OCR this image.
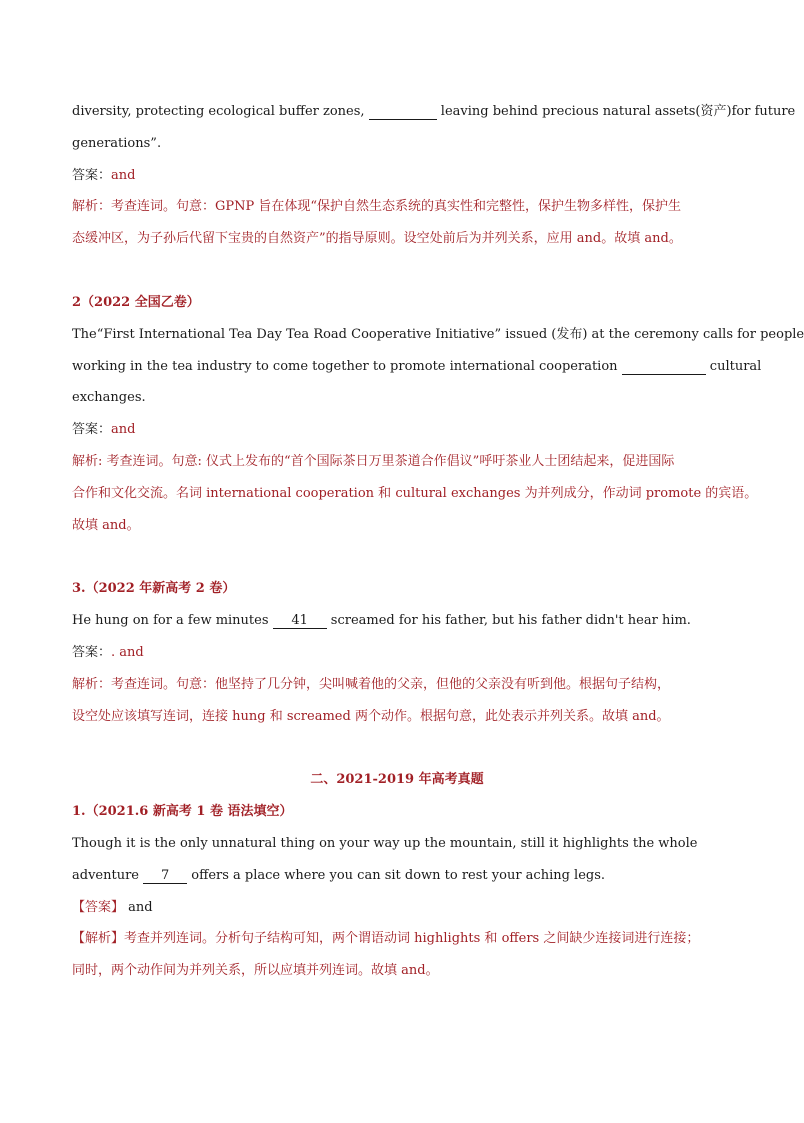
diversity, protecting ecological buffer zones,	leaving behind precious natural assets(资产)for future
generations”.
答案：and
解析：考查连词。句意：GPNP 旨在体现“保护自然生态系统的真实性和完整性，保护生物多样性，保护生
态缓冲区，为子孙后代留下宝贵的自然资产”的指导原则。设空处前后为并列关系，应用 and。故填 and。
2（2022 全国乙卷）
The“First International Tea Day Tea Road Cooperative Initiative” issued (发布) at the ceremony calls for people
working in the tea industry to come together to promote international cooperation	cultural
exchanges.
答案：and
解析: 考查连词。句意: 仪式上发布的“首个国际茶日万里茶道合作倡议”呼吁茶业人士团结起来，促进国际
合作和文化交流。名词 international cooperation 和 cultural exchanges 为并列成分，作动词 promote 的宾语。
故填 and。
3.（2022 年新高考 2 卷）
He hung on for a few minutes 41 screamed for his father, but his father didn't hear him.
答案：. and
解析：考查连词。句意：他坚持了几分钟，尖叫喊着他的父亲，但他的父亲没有听到他。根据句子结构，
设空处应该填写连词，连接 hung 和 screamed 两个动作。根据句意，此处表示并列关系。故填 and。
二、2021-2019 年高考真题
1.（2021.6 新高考 1 卷 语法填空）
Though it is the only unnatural thing on your way up the mountain, still it highlights the whole
adventure 7 offers a place where you can sit down to rest your aching legs.
【答案】 and
【解析】考查并列连词。分析句子结构可知，两个谓语动词 highlights 和 offers 之间缺少连接词进行连接；
同时，两个动作间为并列关系，所以应填并列连词。故填 and。
